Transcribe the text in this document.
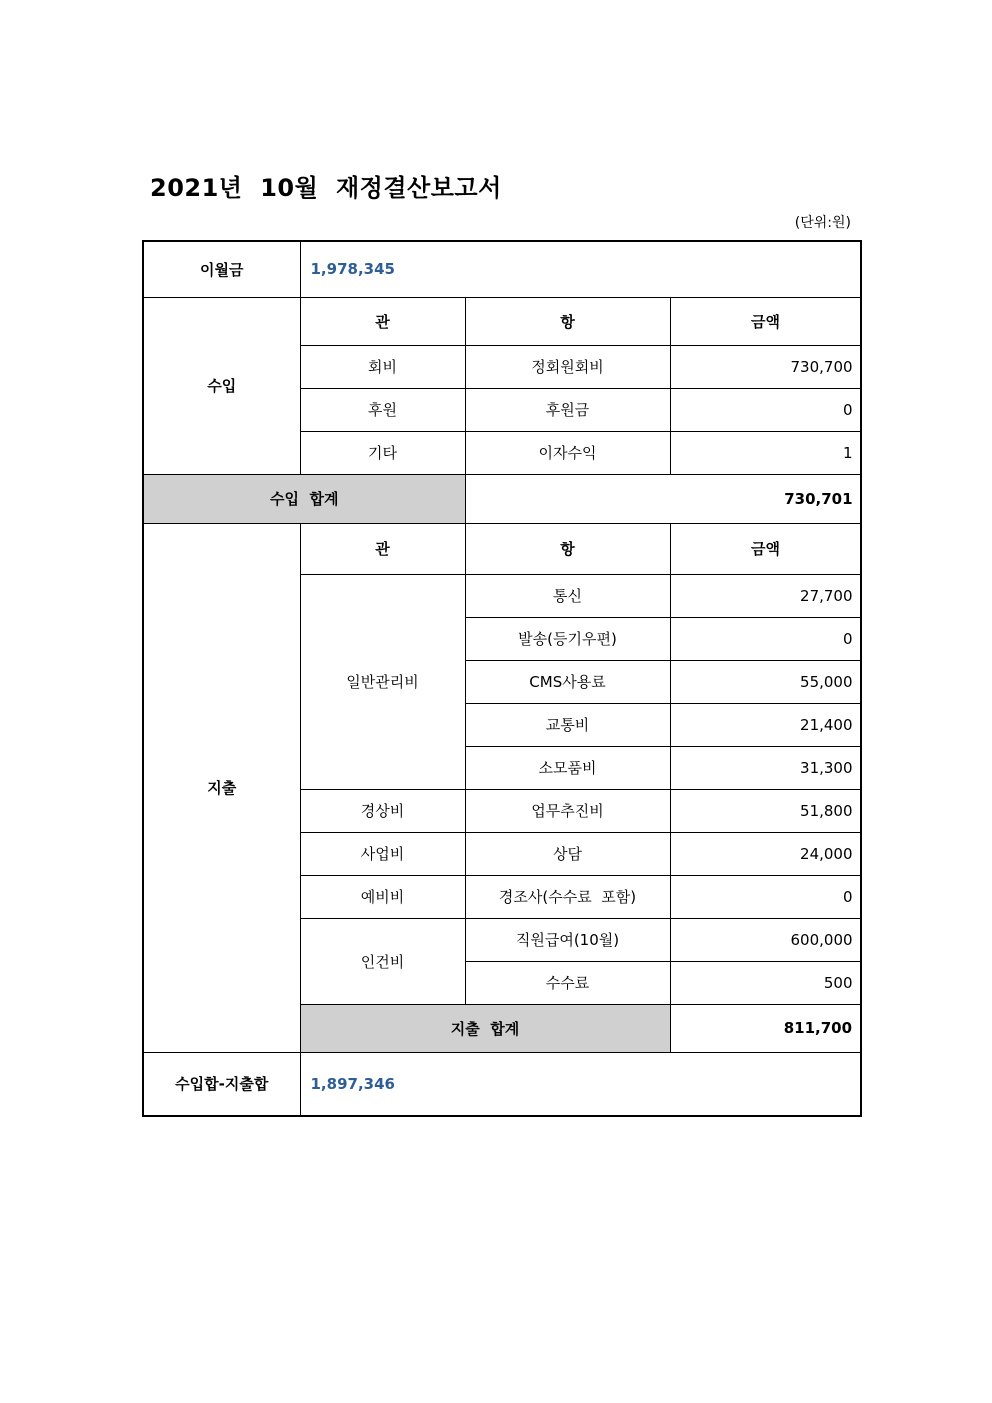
2021년  10월  재정결산보고서
(단위:원)
이월금	1,978,345		
수입	관	항	금액
	회비	정회원회비	730,700
	후원	후원금	0
	기타	이자수익	1
수입  합계		730,701	
지출	관	항	금액
	일반관리비	통신	27,700
		발송(등기우편)	0
		CMS사용료	55,000
		교통비	21,400
		소모품비	31,300
	경상비	업무추진비	51,800
	사업비	상담	24,000
	예비비	경조사(수수료  포함)	0
	인건비	직원급여(10월)	600,000
		수수료	500
	지출  합계		811,700
수입합-지출합	1,897,346		
